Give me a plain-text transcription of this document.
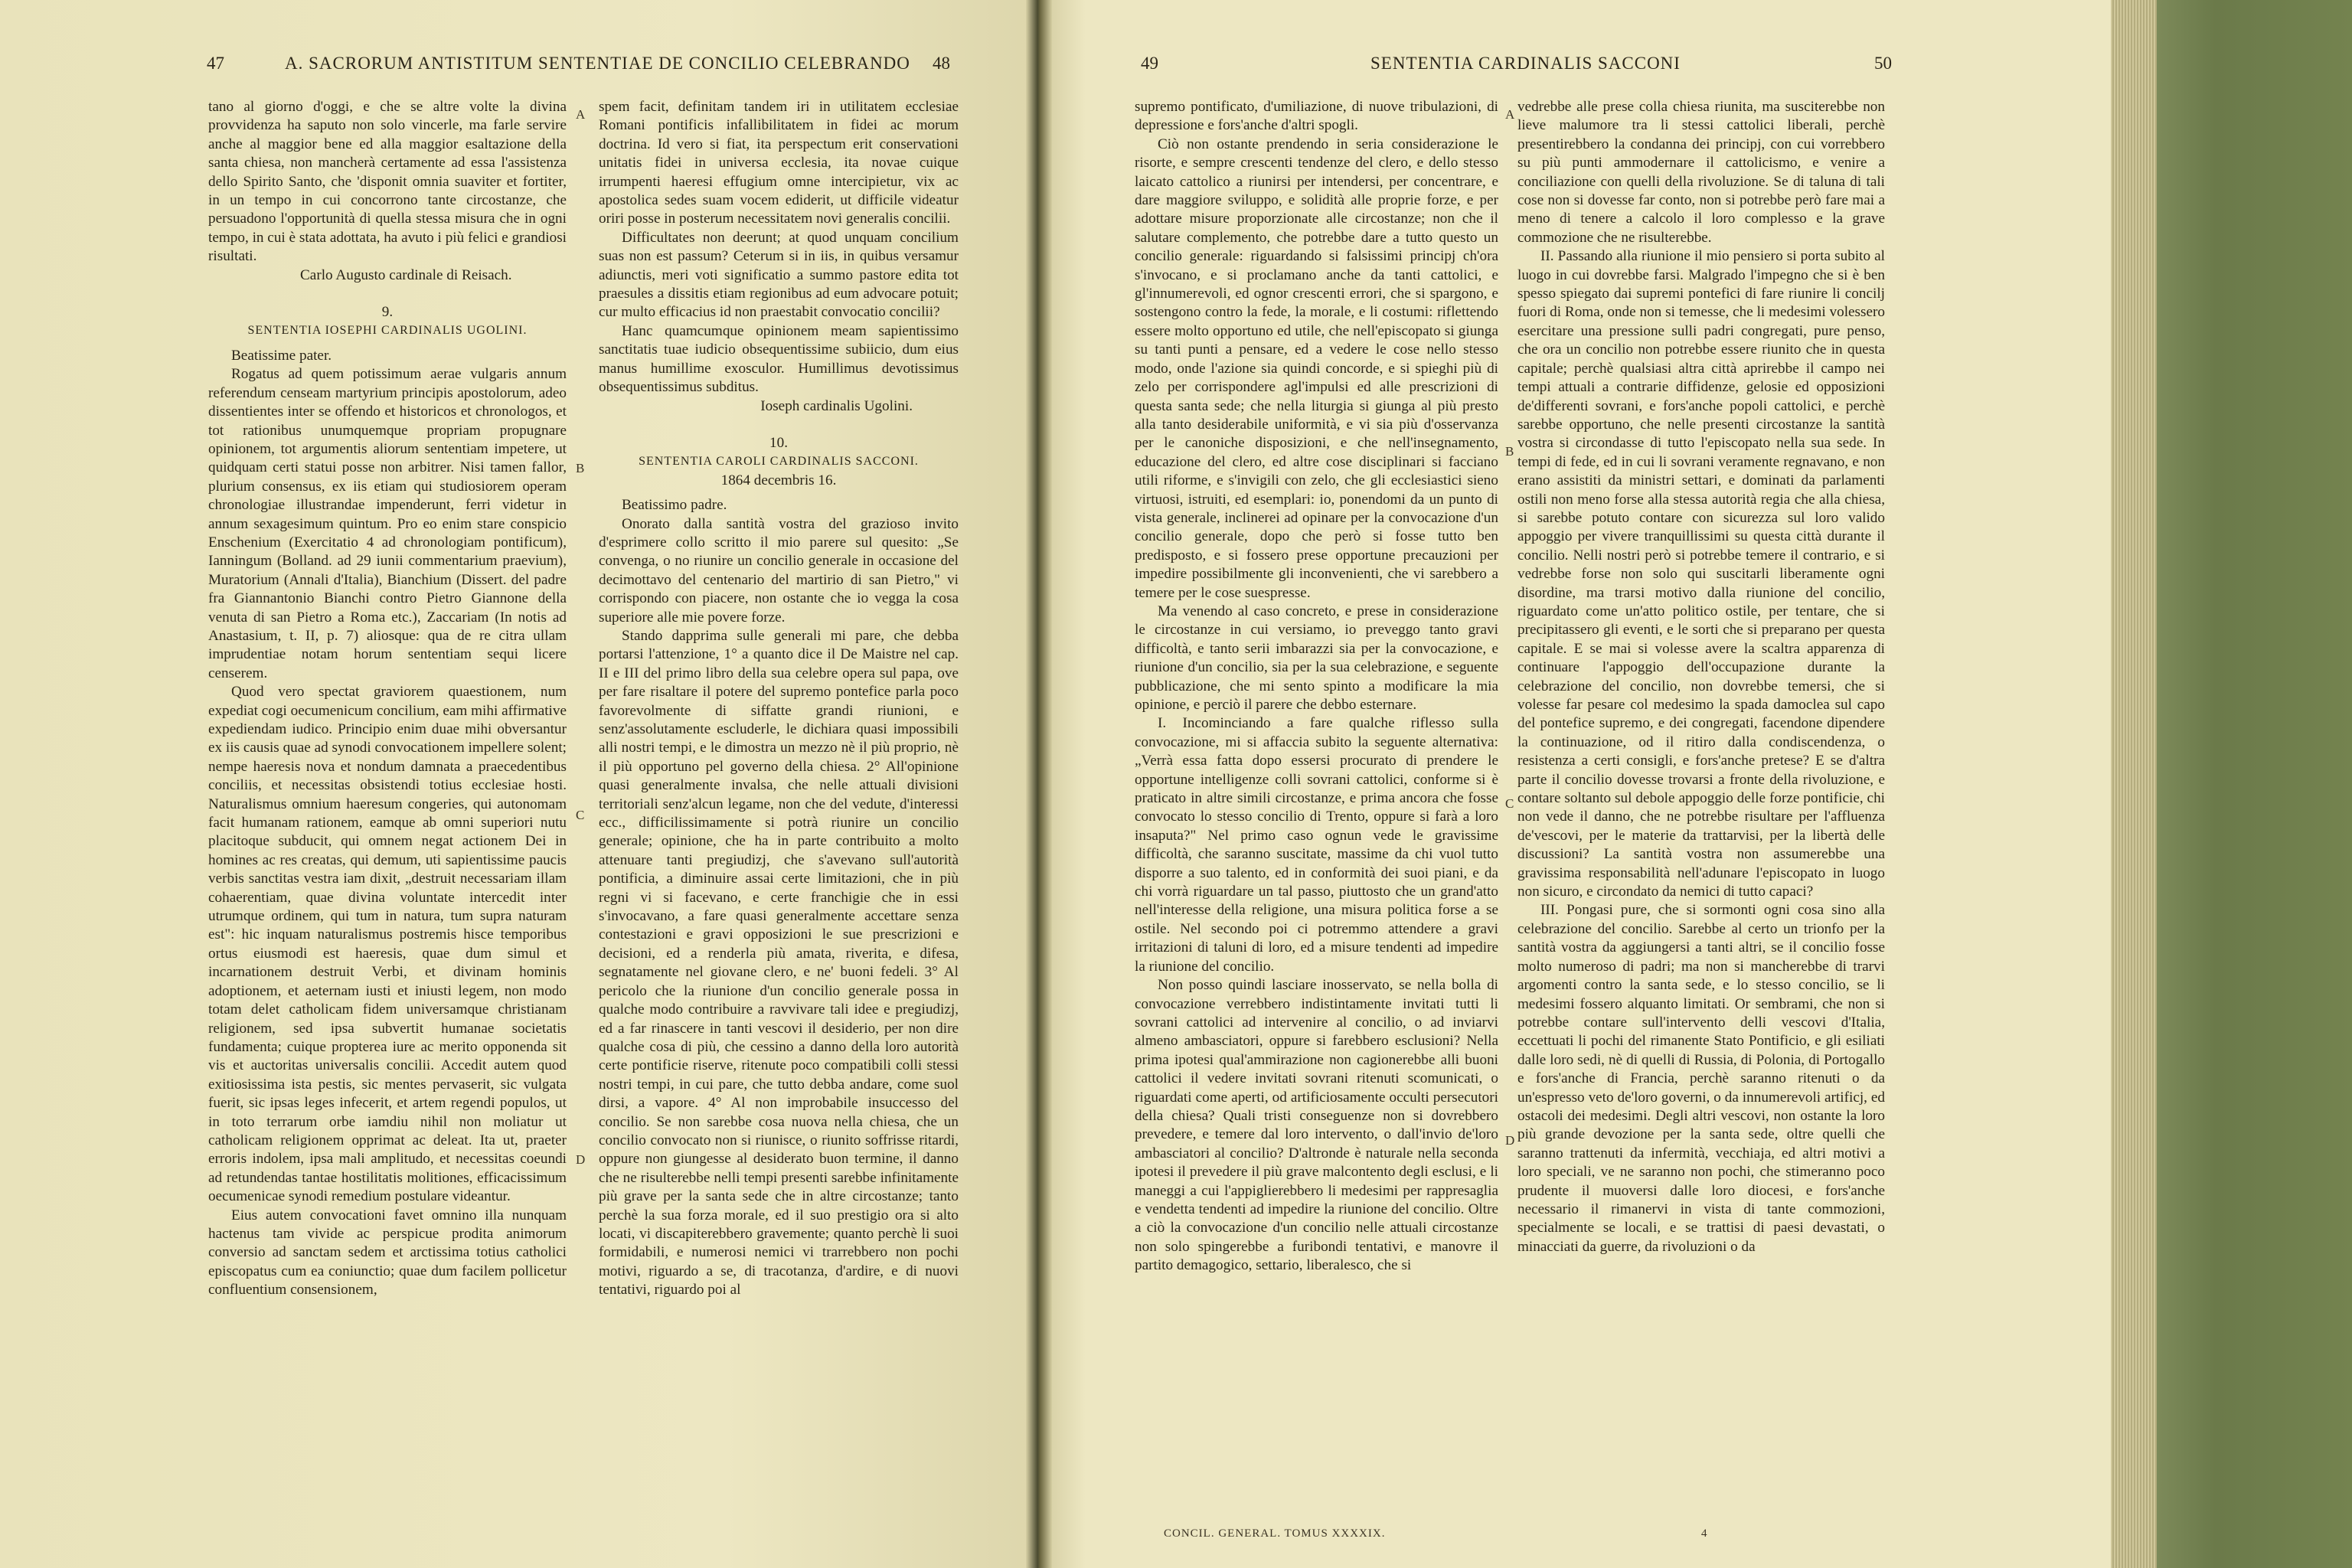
47	A. SACRORUM ANTISTITUM SENTENTIAE DE CONCILIO CELEBRANDO 48

tano al giorno d'oggi, e che se altre volte la divina provvidenza ha saputo non solo vincerle, ma farle servire anche al maggior bene ed alla maggior esaltazione della santa chiesa, non mancherà certamente ad essa l'assistenza dello Spirito Santo, che 'disponit omnia suaviter et fortiter, in un tempo in cui concorrono tante circostanze, che persuadono l'opportunità di quella stessa misura che in ogni tempo, in cui è stata adottata, ha avuto i più felici e grandiosi risultati.

Carlo Augusto cardinale di Reisach.

9.

SENTENTIA IOSEPHI CARDINALIS UGOLINI.

Beatissime pater.

Rogatus ad quem potissimum aerae vulgaris annum referendum censeam martyrium principis apostolorum, adeo dissentientes inter se offendo et historicos et chronologos, et tot rationibus unumquemque propriam propugnare opinionem, tot argumentis aliorum sententiam impetere, ut quidquam certi statui posse non arbitrer. Nisi tamen fallor, plurium consensus, ex iis etiam qui studiosiorem operam chronologiae illustrandae impenderunt, ferri videtur in annum sexagesimum quintum. Pro eo enim stare conspicio Enschenium (Exercitatio 4 ad chronologiam pontificum), Ianningum (Bolland. ad 29 iunii commentarium praevium), Muratorium (Annali d'Italia), Bianchium (Dissert. del padre fra Giannantonio Bianchi contro Pietro Giannone della venuta di san Pietro a Roma etc.), Zaccariam (In notis ad Anastasium, t. II, p. 7) aliosque: qua de re citra ullam imprudentiae notam horum sententiam sequi licere censerem.

Quod vero spectat graviorem quaestionem, num expediat cogi oecumenicum concilium, eam mihi affirmative expediendam iudico. Principio enim duae mihi obversantur ex iis causis quae ad synodi convocationem impellere solent; nempe haeresis nova et nondum damnata a praecedentibus conciliis, et necessitas obsistendi totius ecclesiae hosti. Naturalismus omnium haeresum congeries, qui autonomam facit humanam rationem, eamque ab omni superiori nutu placitoque subducit, qui omnem negat actionem Dei in homines ac res creatas, qui demum, uti sapientissime paucis verbis sanctitas vestra iam dixit, „destruit necessariam illam cohaerentiam, quae divina voluntate intercedit inter utrumque ordinem, qui tum in natura, tum supra naturam est": hic inquam naturalismus postremis hisce temporibus ortus eiusmodi est haeresis, quae dum simul et incarnationem destruit Verbi, et divinam hominis adoptionem, et aeternam iusti et iniusti legem, non modo totam delet catholicam fidem universamque christianam religionem, sed ipsa subvertit humanae societatis fundamenta; cuique propterea iure ac merito opponenda sit vis et auctoritas universalis concilii. Accedit autem quod exitiosissima ista pestis, sic mentes pervaserit, sic vulgata fuerit, sic ipsas leges infecerit, et artem regendi populos, ut in toto terrarum orbe iamdiu nihil non moliatur ut catholicam religionem opprimat ac deleat. Ita ut, praeter erroris indolem, ipsa mali amplitudo, et necessitas coeundi ad retundendas tantae hostilitatis molitiones, efficacissimum oecumenicae synodi remedium postulare videantur.

Eius autem convocationi favet omnino illa nunquam hactenus tam vivide ac perspicue prodita animorum conversio ad sanctam sedem et arctissima totius catholici episcopatus cum ea coniunctio; quae dum facilem pollicetur confluentium consensionem,

spem facit, definitam tandem iri in utilitatem ecclesiae Romani pontificis infallibilitatem in fidei ac morum doctrina. Id vero si fiat, ita perspectum erit conservationi unitatis fidei in universa ecclesia, ita novae cuique irrumpenti haeresi effugium omne intercipietur, vix ac apostolica sedes suam vocem ediderit, ut difficile videatur oriri posse in posterum necessitatem novi generalis concilii.

Difficultates non deerunt; at quod unquam concilium suas non est passum? Ceterum si in iis, in quibus versamur adiunctis, meri voti significatio a summo pastore edita tot praesules a dissitis etiam regionibus ad eum advocare potuit; cur multo efficacius id non praestabit convocatio concilii?

Hanc quamcumque opinionem meam sapientissimo sanctitatis tuae iudicio obsequentissime subiicio, dum eius manus humillime exosculor. Humillimus devotissimus obsequentissimus subditus.

Ioseph cardinalis Ugolini.

10.

SENTENTIA CAROLI CARDINALIS SACCONI.

1864 decembris 16.

Beatissimo padre.

Onorato dalla santità vostra del grazioso invito d'esprimere collo scritto il mio parere sul quesito: „Se convenga, o no riunire un concilio generale in occasione del decimottavo del centenario del martirio di san Pietro," vi corrispondo con piacere, non ostante che io vegga la cosa superiore alle mie povere forze.

Stando dapprima sulle generali mi pare, che debba portarsi l'attenzione, 1° a quanto dice il De Maistre nel cap. II e III del primo libro della sua celebre opera sul papa, ove per fare risaltare il potere del supremo pontefice parla poco favorevolmente di siffatte grandi riunioni, e senz'assolutamente escluderle, le dichiara quasi impossibili alli nostri tempi, e le dimostra un mezzo nè il più proprio, nè il più opportuno pel governo della chiesa. 2° All'opinione quasi generalmente invalsa, che nelle attuali divisioni territoriali senz'alcun legame, non che del vedute, d'interessi ecc., difficilissimamente si potrà riunire un concilio generale; opinione, che ha in parte contribuito a molto attenuare tanti pregiudizj, che s'avevano sull'autorità pontificia, a diminuire assai certe limitazioni, che in più regni vi si facevano, e certe franchigie che in essi s'invocavano, a fare quasi generalmente accettare senza contestazioni e gravi opposizioni le sue prescrizioni e decisioni, ed a renderla più amata, riverita, e difesa, segnatamente nel giovane clero, e ne' buoni fedeli. 3° Al pericolo che la riunione d'un concilio generale possa in qualche modo contribuire a ravvivare tali idee e pregiudizj, ed a far rinascere in tanti vescovi il desiderio, per non dire qualche cosa di più, che cessino a danno della loro autorità certe pontificie riserve, ritenute poco compatibili colli stessi nostri tempi, in cui pare, che tutto debba andare, come suol dirsi, a vapore. 4° Al non improbabile insuccesso del concilio. Se non sarebbe cosa nuova nella chiesa, che un concilio convocato non si riunisce, o riunito soffrisse ritardi, oppure non giungesse al desiderato buon termine, il danno che ne risulterebbe nelli tempi presenti sarebbe infinitamente più grave per la santa sede che in altre circostanze; tanto perchè la sua forza morale, ed il suo prestigio ora si alto locati, vi discapiterebbero gravemente; quanto perchè li suoi formidabili, e numerosi nemici vi trarrebbero non pochi motivi, riguardo a se, di tracotanza, d'ardire, e di nuovi tentativi, riguardo poi al

A
B
C
D
49	SENTENTIA CARDINALIS SACCONI	50

supremo pontificato, d'umiliazione, di nuove tribulazioni, di depressione e fors'anche d'altri spogli.

Ciò non ostante prendendo in seria considerazione le risorte, e sempre crescenti tendenze del clero, e dello stesso laicato cattolico a riunirsi per intendersi, per concentrare, e dare maggiore sviluppo, e solidità alle proprie forze, e per adottare misure proporzionate alle circostanze; non che il salutare complemento, che potrebbe dare a tutto questo un concilio generale: riguardando si falsissimi principj ch'ora s'invocano, e si proclamano anche da tanti cattolici, e gl'innumerevoli, ed ognor crescenti errori, che si spargono, e sostengono contro la fede, la morale, e li costumi: riflettendo essere molto opportuno ed utile, che nell'episcopato si giunga su tanti punti a pensare, ed a vedere le cose nello stesso modo, onde l'azione sia quindi concorde, e si spieghi più di zelo per corrispondere agl'impulsi ed alle prescrizioni di questa santa sede; che nella liturgia si giunga al più presto alla tanto desiderabile uniformità, e vi sia più d'osservanza per le canoniche disposizioni, e che nell'insegnamento, educazione del clero, ed altre cose disciplinari si facciano utili riforme, e s'invigili con zelo, che gli ecclesiastici sieno virtuosi, istruiti, ed esemplari: io, ponendomi da un punto di vista generale, inclinerei ad opinare per la convocazione d'un concilio generale, dopo che però si fosse tutto ben predisposto, e si fossero prese opportune precauzioni per impedire possibilmente gli inconvenienti, che vi sarebbero a temere per le cose suespresse.

Ma venendo al caso concreto, e prese in considerazione le circostanze in cui versiamo, io prevеggo tanto gravi difficoltà, e tanto serii imbarazzi sia per la convocazione, e riunione d'un concilio, sia per la sua celebrazione, e seguente pubblicazione, che mi sento spinto a modificare la mia opinione, e perciò il parere che debbo esternare.

I. Incominciando a fare qualche riflesso sulla convocazione, mi si affaccia subito la seguente alternativa: „Verrà essa fatta dopo essersi procurato di prendere le opportune intelligenze colli sovrani cattolici, conforme si è praticato in altre simili circostanze, e prima ancora che fosse convocato lo stesso concilio di Trento, oppure si farà a loro insaputa?" Nel primo caso ognun vede le gravissime difficoltà, che saranno suscitate, massime da chi vuol tutto disporre a suo talento, ed in conformità dei suoi piani, e da chi vorrà riguardare un tal passo, piuttosto che un grand'atto nell'interesse della religione, una misura politica forse a se ostile. Nel secondo poi ci potremmo attendere a gravi irritazioni di taluni di loro, ed a misure tendenti ad impedire la riunione del concilio.

Non posso quindi lasciare inosservato, se nella bolla di convocazione verrebbero indistintamente invitati tutti li sovrani cattolici ad intervenire al concilio, o ad inviarvi almeno ambasciatori, oppure si farebbero esclusioni? Nella prima ipotesi qual'ammirazione non cagionerebbe alli buoni cattolici il vedere invitati sovrani ritenuti scomunicati, o riguardati come aperti, od artificiosamente occulti persecutori della chiesa? Quali tristi conseguenze non si dovrebbero prevedere, e temere dal loro intervento, o dall'invio de'loro ambasciatori al concilio? D'altronde è naturale nella seconda ipotesi il prevedere il più grave malcontento degli esclusi, e li maneggi a cui l'appiglierebbero li medesimi per rappresaglia e vendetta tendenti ad impedire la riunione del concilio. Oltre a ciò la convocazione d'un concilio nelle attuali circostanze non solo spingerebbe a furibondi tentativi, e manovre il partito demagogico, settario, liberalesco, che si

vedrebbe alle prese colla chiesa riunita, ma susciterebbe non lieve malumore tra li stessi cattolici liberali, perchè presentirebbero la condanna dei principj, con cui vorrebbero su più punti ammodernare il cattolicismo, e venire a conciliazione con quelli della rivoluzione. Se di taluna di tali cose non si dovesse far conto, non si potrebbe però fare mai a meno di tenere a calcolo il loro complesso e la grave commozione che ne risulterebbe.

II. Passando alla riunione il mio pensiero si porta subito al luogo in cui dovrebbe farsi. Malgrado l'impegno che si è ben spesso spiegato dai supremi pontefici di fare riunire li concilj fuori di Roma, onde non si temesse, che li medesimi volessero esercitare una pressione sulli padri congregati, pure penso, che ora un concilio non potrebbe essere riunito che in questa capitale; perchè qualsiasi altra città aprirebbe il campo nei tempi attuali a contrarie diffidenze, gelosie ed opposizioni de'differenti sovrani, e fors'anche popoli cattolici, e perchè sarebbe opportuno, che nelle presenti circostanze la santità vostra si circondasse di tutto l'episcopato nella sua sede. In tempi di fede, ed in cui li sovrani veramente regnavano, e non erano assistiti da ministri settari, e dominati da parlamenti ostili non meno forse alla stessa autorità regia che alla chiesa, si sarebbe potuto contare con sicurezza sul loro valido appoggio per vivere tranquillissimi su questa città durante il concilio. Nelli nostri però si potrebbe temere il contrario, e si vedrebbe forse non solo qui suscitarli liberamente ogni disordine, ma trarsi motivo dalla riunione del concilio, riguardato come un'atto politico ostile, per tentare, che si precipitassero gli eventi, e le sorti che si preparano per questa capitale. E se mai si volesse avere la scaltra apparenza di continuare l'appoggio dell'occupazione durante la celebrazione del concilio, non dovrebbe temersi, che si volesse far pesare col medesimo la spada damoclea sul capo del pontefice supremo, e dei congregati, facendone dipendere la continuazione, od il ritiro dalla condiscendenza, o resistenza a certi consigli, e fors'anche pretese? E se d'altra parte il concilio dovesse trovarsi a fronte della rivoluzione, e contare soltanto sul debole appoggio delle forze pontificie, chi non vede il danno, che ne potrebbe risultare per l'affluenza de'vescovi, per le materie da trattarvisi, per la libertà delle discussioni? La santità vostra non assumerebbe una gravissima responsabilità nell'adunare l'episcopato in luogo non sicuro, e circondato da nemici di tutto capaci?

III. Pongasi pure, che si sormonti ogni cosa sino alla celebrazione del concilio. Sarebbe al certo un trionfo per la santità vostra da aggiungersi a tanti altri, se il concilio fosse molto numeroso di padri; ma non si mancherebbe di trarvi argomenti contro la santa sede, e lo stesso concilio, se li medesimi fossero alquanto limitati. Or sembrami, che non si potrebbe contare sull'intervento delli vescovi d'Italia, eccettuati li pochi del rimanente Stato Pontificio, e gli esiliati dalle loro sedi, nè di quelli di Russia, di Polonia, di Portogallo e fors'anche di Francia, perchè saranno ritenuti o da un'espresso veto de'loro governi, o da innumerevoli artificj, ed ostacoli dei medesimi. Degli altri vescovi, non ostante la loro più grande devozione per la santa sede, oltre quelli che saranno trattenuti da infermità, vecchiaja, ed altri motivi a loro speciali, ve ne saranno non pochi, che stimeranno poco prudente il muoversi dalle loro diocesi, e fors'anche necessario il rimanervi in vista di tante commozioni, specialmente se locali, e se trattisi di paesi devastati, o minacciati da guerre, da rivoluzioni o da

A
B
C
D
CONCIL. GENERAL. TOMUS XXXXIX.	4
